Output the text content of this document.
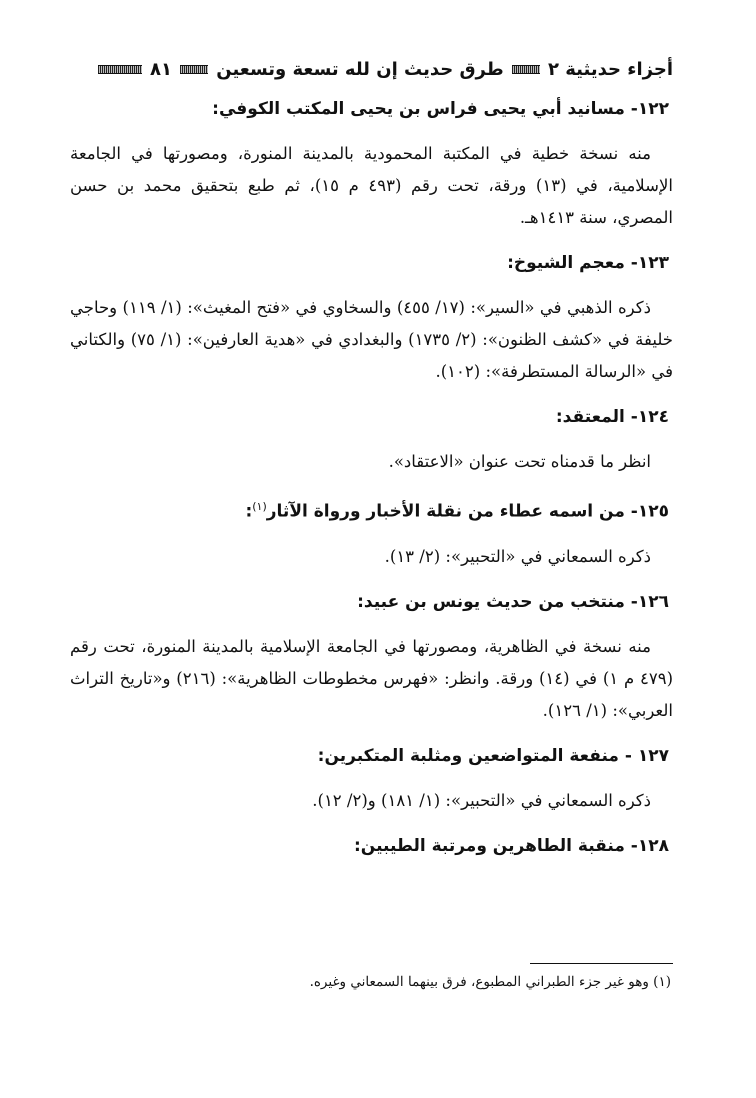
أجزاء حديثية ٢
طرق حديث إن لله تسعة وتسعين
٨١
١٢٢- مسانيد أبي يحيى فراس بن يحيى المكتب الكوفي:
منه نسخة خطية في المكتبة المحمودية بالمدينة المنورة، ومصورتها في الجامعة الإسلامية، في (١٣) ورقة، تحت رقم (٤٩٣ م ١٥)، ثم طبع بتحقيق محمد بن حسن المصري، سنة ١٤١٣هـ.
١٢٣- معجم الشيوخ:
ذكره الذهبي في «السير»: (١٧/ ٤٥٥) والسخاوي في «فتح المغيث»: (١/ ١١٩) وحاجي خليفة في «كشف الظنون»: (٢/ ١٧٣٥) والبغدادي في «هدية العارفين»: (١/ ٧٥) والكتاني في «الرسالة المستطرفة»: (١٠٢).
١٢٤- المعتقد:
انظر ما قدمناه تحت عنوان «الاعتقاد».
١٢٥- من اسمه عطاء من نقلة الأخبار ورواة الآثار$^{(١)}$:
ذكره السمعاني في «التحبير»: (٢/ ١٣).
١٢٦- منتخب من حديث يونس بن عبيد:
منه نسخة في الظاهرية، ومصورتها في الجامعة الإسلامية بالمدينة المنورة، تحت رقم (٤٧٩ م ١) في (١٤) ورقة. وانظر: «فهرس مخطوطات الظاهرية»: (٢١٦) و«تاريخ التراث العربي»: (١/ ١٢٦).
١٢٧ - منفعة المتواضعين ومثلبة المتكبرين:
ذكره السمعاني في «التحبير»: (١/ ١٨١) و(٢/ ١٢).
١٢٨- منقبة الطاهرين ومرتبة الطيبين:
(١) وهو غير جزء الطبراني المطبوع، فرق بينهما السمعاني وغيره.
